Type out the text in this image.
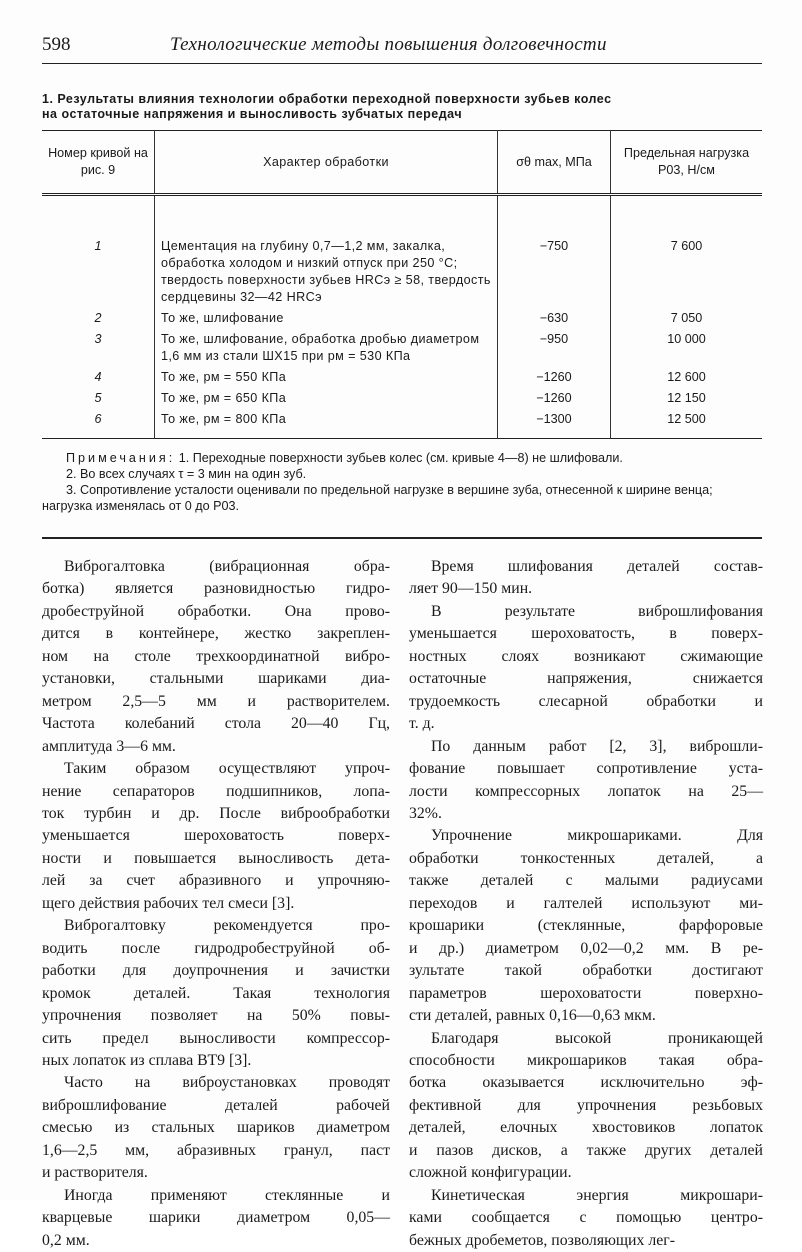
598	Технологические методы повышения долговечности
1. Результаты влияния технологии обработки переходной поверхности зубьев колес
на остаточные напряжения и выносливость зубчатых передач
Номер кривой на рис. 9	Характер обработки	σθ max, МПа	Предельная нагрузка P03, Н/см
1	Цементация на глубину 0,7—1,2 мм, закалка, обработка холодом и низкий отпуск при 250 °С; твердость поверхности зубьев HRCэ ≥ 58, твердость сердцевины 32—42 HRCэ	−750	7 600
2	То же, шлифование	−630	7 050
3	То же, шлифование, обработка дробью диаметром 1,6 мм из стали ШХ15 при pм = 530 КПа	−950	10 000
4	То же, pм = 550 КПа	−1260	12 600
5	То же, pм = 650 КПа	−1260	12 150
6	То же, pм = 800 КПа	−1300	12 500
Примечания: 1. Переходные поверхности зубьев колес (см. кривые 4—8) не шлифовали.
2. Во всех случаях τ = 3 мин на один зуб.
3. Сопротивление усталости оценивали по предельной нагрузке в вершине зуба, отнесенной к ширине венца; нагрузка изменялась от 0 до P03.
Виброгалтовка (вибрационная обра-
ботка) является разновидностью гидро-
дробеструйной обработки. Она прово-
дится в контейнере, жестко закреплен-
ном на столе трехкоординатной вибро-
установки, стальными шариками диа-
метром 2,5—5 мм и растворителем.
Частота колебаний стола 20—40 Гц,
амплитуда 3—6 мм.
Таким образом осуществляют упроч-
нение сепараторов подшипников, лопа-
ток турбин и др. После виброобработки
уменьшается шероховатость поверх-
ности и повышается выносливость дета-
лей за счет абразивного и упрочняю-
щего действия рабочих тел смеси [3].
Виброгалтовку рекомендуется про-
водить после гидродробеструйной об-
работки для доупрочнения и зачистки
кромок деталей. Такая технология
упрочнения позволяет на 50% повы-
сить предел выносливости компрессор-
ных лопаток из сплава ВТ9 [3].
Часто на виброустановках проводят
виброшлифование деталей рабочей
смесью из стальных шариков диаметром
1,6—2,5 мм, абразивных гранул, паст
и растворителя.
Иногда применяют стеклянные и
кварцевые шарики диаметром 0,05—
0,2 мм.
Время шлифования деталей состав-
ляет 90—150 мин.
В результате виброшлифования
уменьшается шероховатость, в поверх-
ностных слоях возникают сжимающие
остаточные напряжения, снижается
трудоемкость слесарной обработки и
т. д.
По данным работ [2, 3], виброшли-
фование повышает сопротивление уста-
лости компрессорных лопаток на 25—
32%.
Упрочнение микрошариками. Для
обработки тонкостенных деталей, а
также деталей с малыми радиусами
переходов и галтелей используют ми-
крошарики (стеклянные, фарфоровые
и др.) диаметром 0,02—0,2 мм. В ре-
зультате такой обработки достигают
параметров шероховатости поверхно-
сти деталей, равных 0,16—0,63 мкм.
Благодаря высокой проникающей
способности микрошариков такая обра-
ботка оказывается исключительно эф-
фективной для упрочнения резьбовых
деталей, елочных хвостовиков лопаток
и пазов дисков, а также других деталей
сложной конфигурации.
Кинетическая энергия микрошари-
ками сообщается с помощью центро-
бежных дробеметов, позволяющих лег-
